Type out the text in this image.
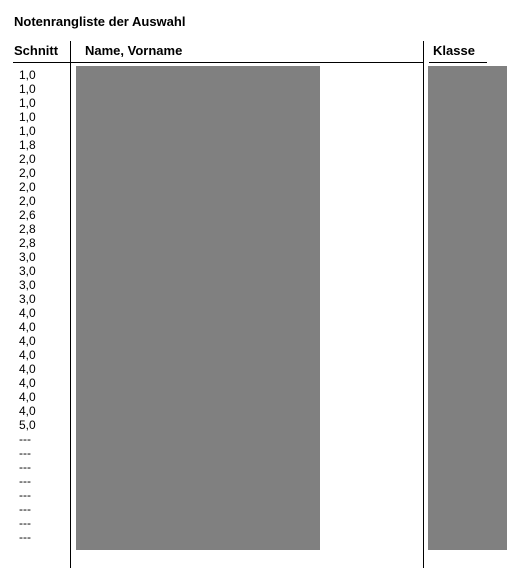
Notenrangliste der Auswahl
Schnitt Name, Vorname	Klasse
1,0
1,0
1,0
1,0
1,0
1,8
2,0
2,0
2,0
2,0
2,6
2,8
2,8
3,0
3,0
3,0
3,0
4,0
4,0
4,0
4,0
4,0
4,0
4,0
4,0
5,0
---
---
---
---
---
---
---
---
